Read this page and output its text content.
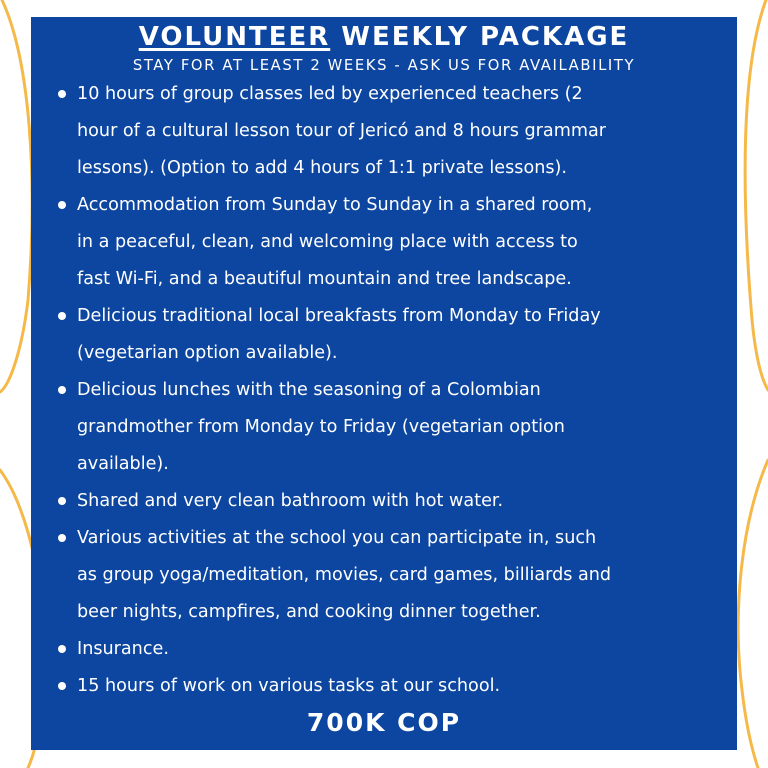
VOLUNTEER WEEKLY PACKAGE
STAY FOR AT LEAST 2 WEEKS - ASK US FOR AVAILABILITY
10 hours of group classes led by experienced teachers (2
hour of a cultural lesson tour of Jericó and 8 hours grammar
lessons). (Option to add 4 hours of 1:1 private lessons).
Accommodation from Sunday to Sunday in a shared room,
in a peaceful, clean, and welcoming place with access to
fast Wi-Fi, and a beautiful mountain and tree landscape.
Delicious traditional local breakfasts from Monday to Friday
(vegetarian option available).
Delicious lunches with the seasoning of a Colombian
grandmother from Monday to Friday (vegetarian option
available).
Shared and very clean bathroom with hot water.
Various activities at the school you can participate in, such
as group yoga/meditation, movies, card games, billiards and
beer nights, campfires, and cooking dinner together.
Insurance.
15 hours of work on various tasks at our school.
700K COP
